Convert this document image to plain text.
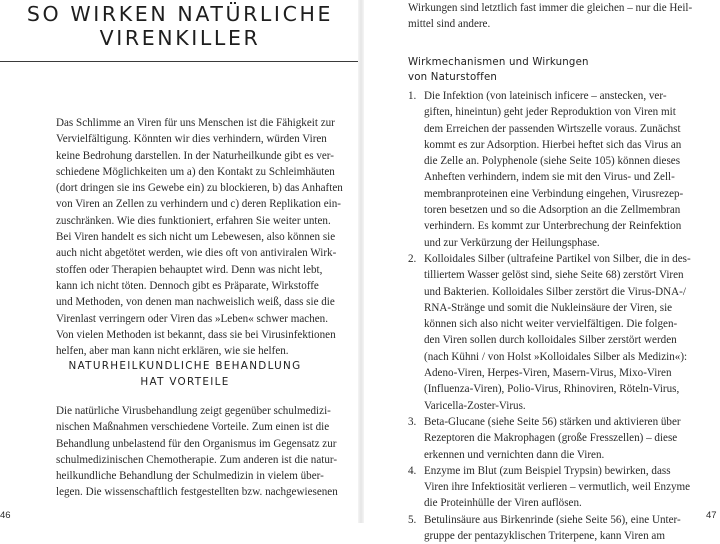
SO WIRKEN NATÜRLICHE
VIRENKILLER

Das Schlimme an Viren für uns Menschen ist die Fähigkeit zur
Vervielfältigung. Könnten wir dies verhindern, würden Viren
keine Bedrohung darstellen. In der Naturheilkunde gibt es ver-
schiedene Möglichkeiten um a) den Kontakt zu Schleimhäuten
(dort dringen sie ins Gewebe ein) zu blockieren, b) das Anhaften
von Viren an Zellen zu verhindern und c) deren Replikation ein-
zuschränken. Wie dies funktioniert, erfahren Sie weiter unten.
Bei Viren handelt es sich nicht um Lebewesen, also können sie
auch nicht abgetötet werden, wie dies oft von antiviralen Wirk-
stoffen oder Therapien behauptet wird. Denn was nicht lebt,
kann ich nicht töten. Dennoch gibt es Präparate, Wirkstoffe
und Methoden, von denen man nachweislich weiß, dass sie die
Virenlast verringern oder Viren das »Leben« schwer machen.
Von vielen Methoden ist bekannt, dass sie bei Virusinfektionen
helfen, aber man kann nicht erklären, wie sie helfen.

NATURHEILKUNDLICHE BEHANDLUNG
HAT VORTEILE

Die natürliche Virusbehandlung zeigt gegenüber schulmedizi-
nischen Maßnahmen verschiedene Vorteile. Zum einen ist die
Behandlung unbelastend für den Organismus im Gegensatz zur
schulmedizinischen Chemotherapie. Zum anderen ist die natur-
heilkundliche Behandlung der Schulmedizin in vielem über-
legen. Die wissenschaftlich festgestellten bzw. nachgewiesenen

Wirkungen sind letztlich fast immer die gleichen – nur die Heil-
mittel sind andere.

Wirkmechanismen und Wirkungen
von Naturstoffen
1. Die Infektion (von lateinisch inficere – anstecken, ver-
giften, hineintun) geht jeder Reproduktion von Viren mit
dem Erreichen der passenden Wirtszelle voraus. Zunächst
kommt es zur Adsorption. Hierbei heftet sich das Virus an
die Zelle an. Polyphenole (siehe Seite 105) können dieses
Anheften verhindern, indem sie mit den Virus- und Zell-
membranproteinen eine Verbindung eingehen, Virusrezep-
toren besetzen und so die Adsorption an die Zellmembran
verhindern. Es kommt zur Unterbrechung der Reinfektion
und zur Verkürzung der Heilungsphase.
2. Kolloidales Silber (ultrafeine Partikel von Silber, die in des-
tilliertem Wasser gelöst sind, siehe Seite 68) zerstört Viren
und Bakterien. Kolloidales Silber zerstört die Virus-DNA-/
RNA-Stränge und somit die Nukleinsäure der Viren, sie
können sich also nicht weiter vervielfältigen. Die folgen-
den Viren sollen durch kolloidales Silber zerstört werden
(nach Kühni / von Holst »Kolloidales Silber als Medizin«):
Adeno-Viren, Herpes-Viren, Masern-Virus, Mixo-Viren
(Influenza-Viren), Polio-Virus, Rhinoviren, Röteln-Virus,
Varicella-Zoster-Virus.
3. Beta-Glucane (siehe Seite 56) stärken und aktivieren über
Rezeptoren die Makrophagen (große Fresszellen) – diese
erkennen und vernichten dann die Viren.
4. Enzyme im Blut (zum Beispiel Trypsin) bewirken, dass
Viren ihre Infektiosität verlieren – vermutlich, weil Enzyme
die Proteinhülle der Viren auflösen.
5. Betulinsäure aus Birkenrinde (siehe Seite 56), eine Unter-
gruppe der pentazyklischen Triterpene, kann Viren am
46	47
